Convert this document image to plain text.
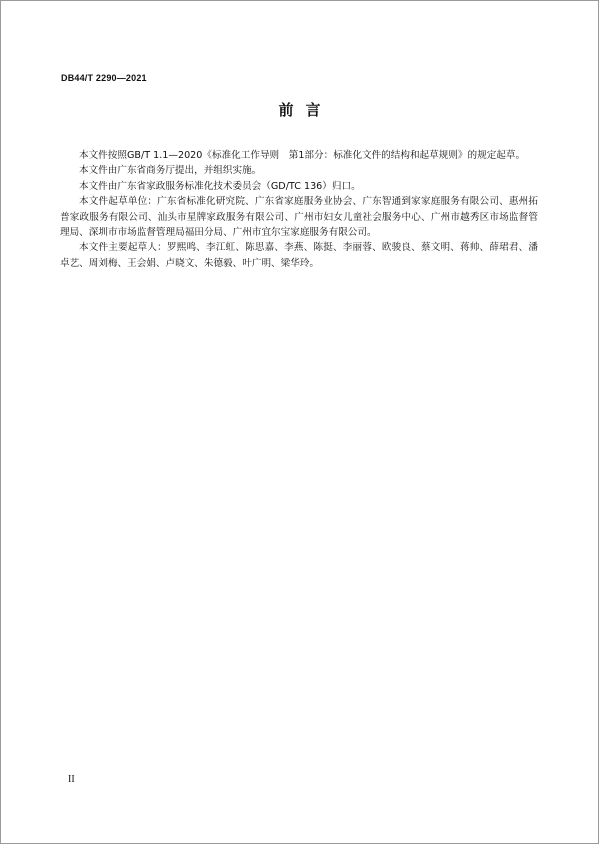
DB44/T 2290—2021
前言

本文件按照GB/T 1.1—2020《标准化工作导则　第1部分：标准化文件的结构和起草规则》的规定起草。

本文件由广东省商务厅提出，并组织实施。

本文件由广东省家政服务标准化技术委员会（GD/TC 136）归口。

本文件起草单位：广东省标准化研究院、广东省家庭服务业协会、广东智通到家家庭服务有限公司、惠州拓普家政服务有限公司、汕头市星牌家政服务有限公司、广州市妇女儿童社会服务中心、广州市越秀区市场监督管理局、深圳市市场监督管理局福田分局、广州市宜尔宝家庭服务有限公司。

本文件主要起草人：罗熙鸣、李江虹、陈思嘉、李燕、陈挺、李丽蓉、欧骏良、蔡文明、蒋帅、薛珺君、潘卓艺、周刘梅、王会娟、卢晓文、朱德毅、叶广明、梁华玲。

II
